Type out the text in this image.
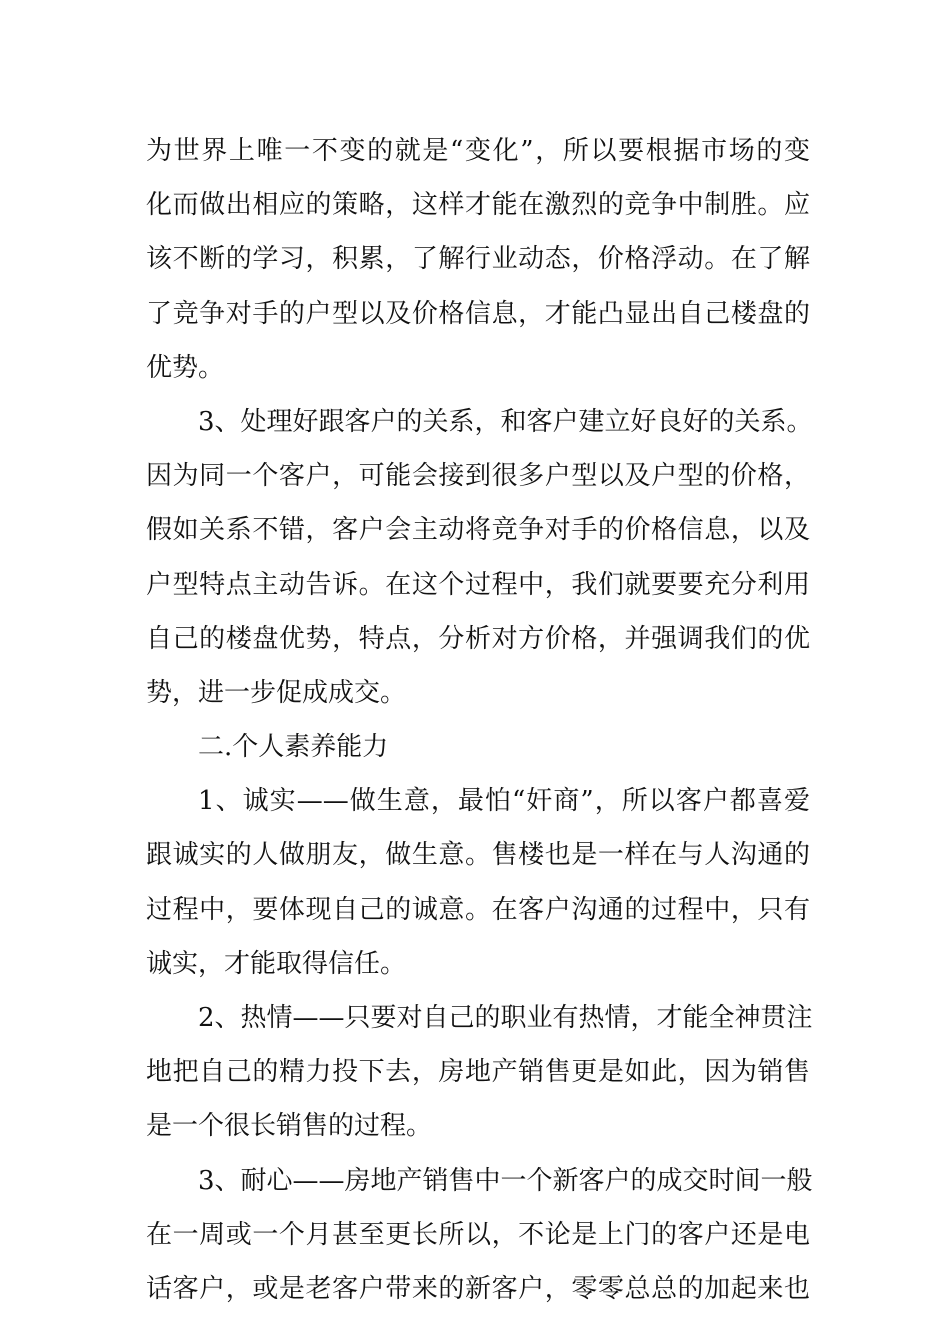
为世界上唯一不变的就是“变化”，所以要根据市场的变
化而做出相应的策略，这样才能在激烈的竞争中制胜。应
该不断的学习，积累，了解行业动态，价格浮动。在了解
了竞争对手的户型以及价格信息，才能凸显出自己楼盘的
优势。
3、处理好跟客户的关系，和客户建立好良好的关系。
因为同一个客户，可能会接到很多户型以及户型的价格，
假如关系不错，客户会主动将竞争对手的价格信息，以及
户型特点主动告诉。在这个过程中，我们就要要充分利用
自己的楼盘优势，特点，分析对方价格，并强调我们的优
势，进一步促成成交。
二.个人素养能力
1、诚实——做生意，最怕“奸商”，所以客户都喜爱
跟诚实的人做朋友，做生意。售楼也是一样在与人沟通的
过程中，要体现自己的诚意。在客户沟通的过程中，只有
诚实，才能取得信任。
2、热情——只要对自己的职业有热情，才能全神贯注
地把自己的精力投下去，房地产销售更是如此，因为销售
是一个很长销售的过程。
3、耐心——房地产销售中一个新客户的成交时间一般
在一周或一个月甚至更长所以，不论是上门的客户还是电
话客户，或是老客户带来的新客户，零零总总的加起来也
